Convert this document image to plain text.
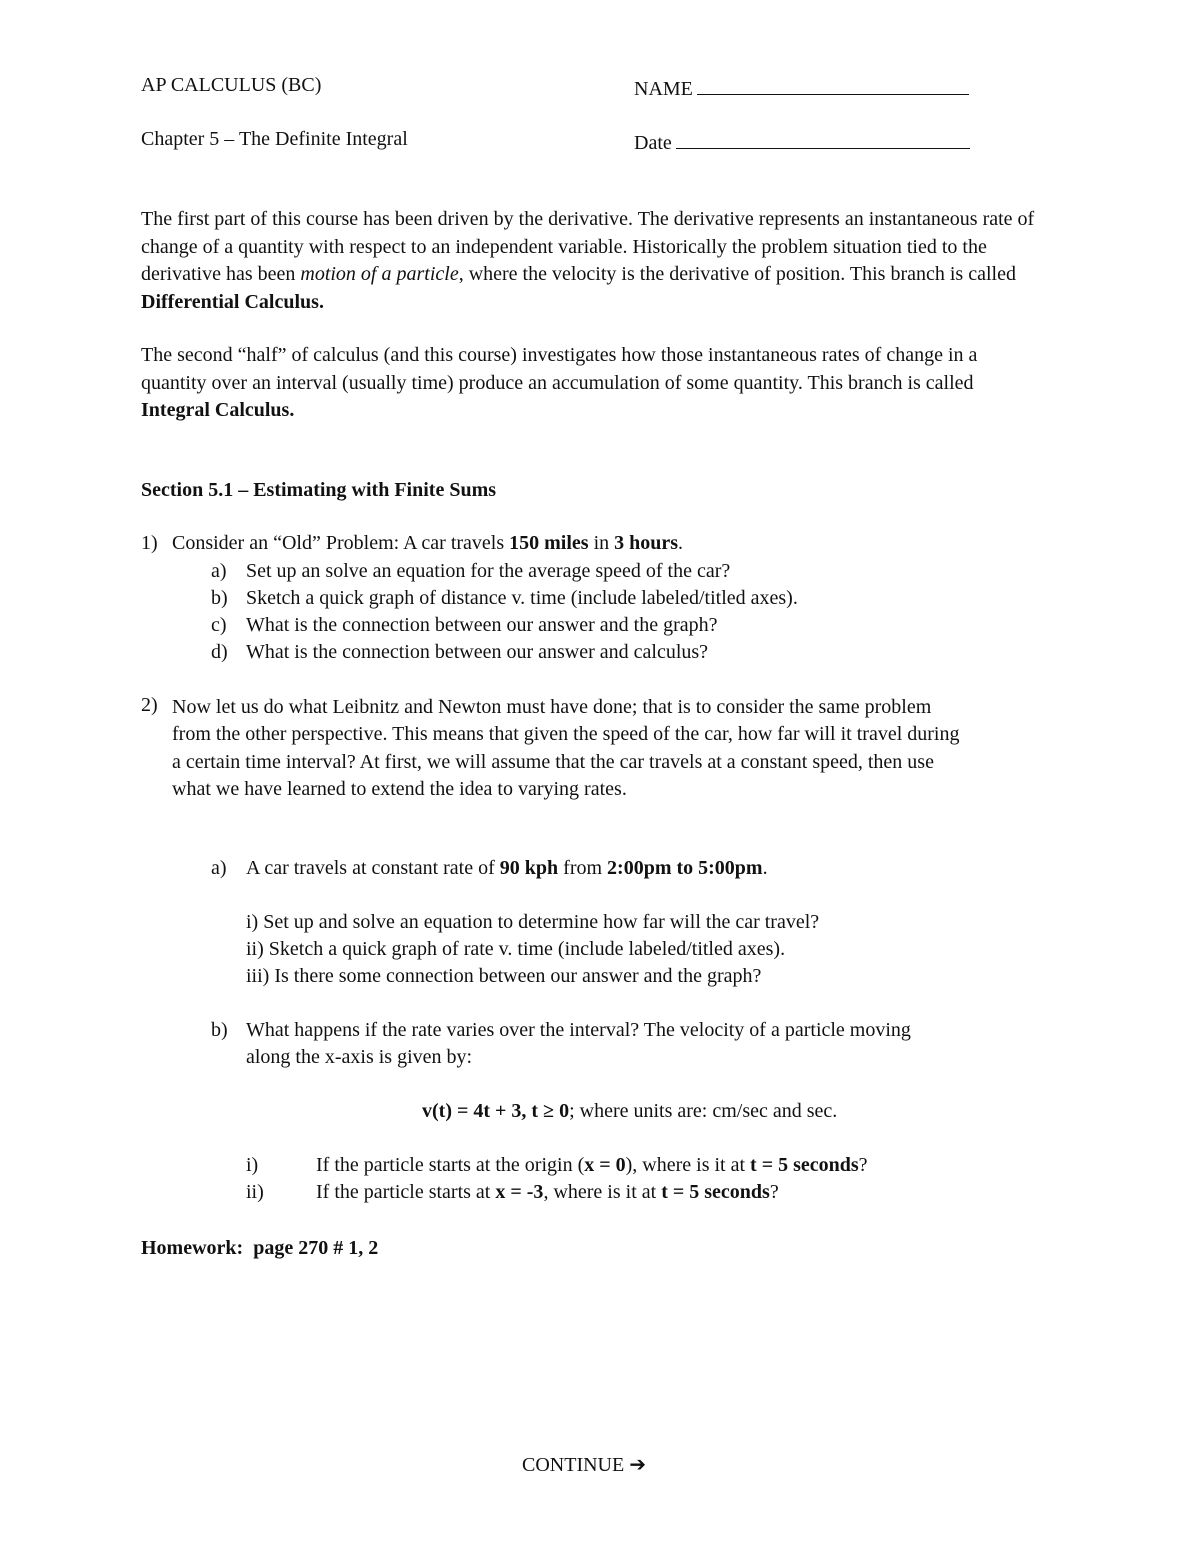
AP CALCULUS (BC)	NAME
Chapter 5 – The Definite Integral	Date

The first part of this course has been driven by the derivative. The derivative represents an instantaneous rate of change of a quantity with respect to an independent variable. Historically the problem situation tied to the derivative has been motion of a particle, where the velocity is the derivative of position. This branch is called Differential Calculus.

The second “half” of calculus (and this course) investigates how those instantaneous rates of change in a quantity over an interval (usually time) produce an accumulation of some quantity. This branch is called Integral Calculus.

Section 5.1 – Estimating with Finite Sums
1) Consider an “Old” Problem: A car travels 150 miles in 3 hours.
a) Set up an solve an equation for the average speed of the car?
b) Sketch a quick graph of distance v. time (include labeled/titled axes).
c) What is the connection between our answer and the graph?
d) What is the connection between our answer and calculus?
2) Now let us do what Leibnitz and Newton must have done; that is to consider the same problem from the other perspective. This means that given the speed of the car, how far will it travel during a certain time interval? At first, we will assume that the car travels at a constant speed, then use what we have learned to extend the idea to varying rates.
a) A car travels at constant rate of 90 kph from 2:00pm to 5:00pm.
i) Set up and solve an equation to determine how far will the car travel?
ii) Sketch a quick graph of rate v. time (include labeled/titled axes).
iii) Is there some connection between our answer and the graph?
b) What happens if the rate varies over the interval? The velocity of a particle moving
along the x-axis is given by:
v(t) = 4t + 3, t ≥ 0; where units are: cm/sec and sec.
i)	If the particle starts at the origin (x = 0), where is it at t = 5 seconds?
ii)	If the particle starts at x = -3, where is it at t = 5 seconds?
Homework: page 270 # 1, 2
CONTINUE ➔
